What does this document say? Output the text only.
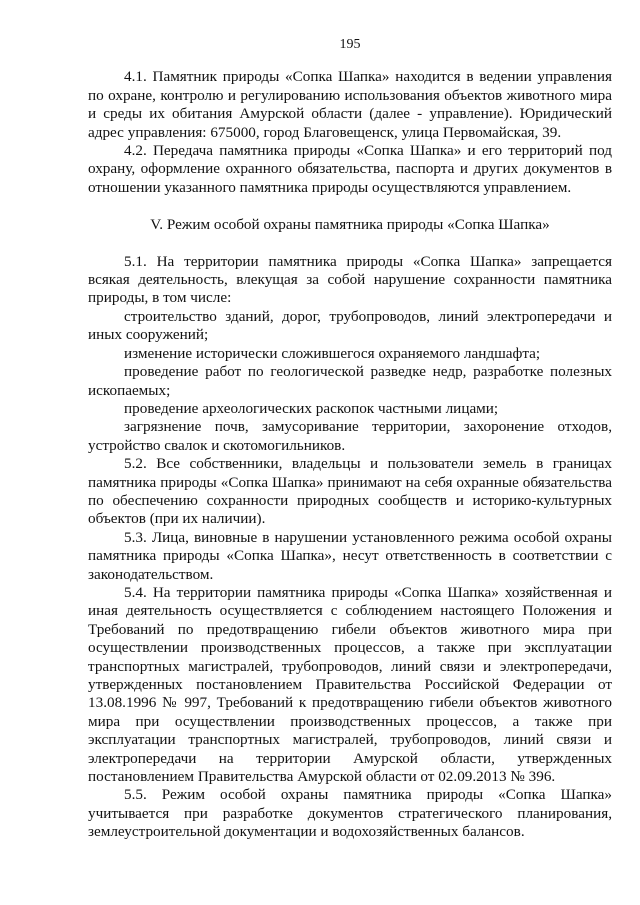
195

4.1. Памятник природы «Сопка Шапка» находится в ведении управления по охране, контролю и регулированию использования объектов животного мира и среды их обитания Амурской области (далее - управление). Юридический адрес управления: 675000, город Благовещенск, улица Первомайская, 39.

4.2. Передача памятника природы «Сопка Шапка» и его территорий под охрану, оформление охранного обязательства, паспорта и других документов в отношении указанного памятника природы осуществляются управлением.

V. Режим особой охраны памятника природы «Сопка Шапка»

5.1. На территории памятника природы «Сопка Шапка» запрещается всякая деятельность, влекущая за собой нарушение сохранности памятника природы, в том числе:

строительство зданий, дорог, трубопроводов, линий электропередачи и иных сооружений;

изменение исторически сложившегося охраняемого ландшафта;

проведение работ по геологической разведке недр, разработке полезных ископаемых;

проведение археологических раскопок частными лицами;

загрязнение почв, замусоривание территории, захоронение отходов, устройство свалок и скотомогильников.

5.2. Все собственники, владельцы и пользователи земель в границах памятника природы «Сопка Шапка» принимают на себя охранные обязательства по обеспечению сохранности природных сообществ и историко-культурных объектов (при их наличии).

5.3. Лица, виновные в нарушении установленного режима особой охраны памятника природы «Сопка Шапка», несут ответственность в соответствии с законодательством.

5.4. На территории памятника природы «Сопка Шапка» хозяйственная и иная деятельность осуществляется с соблюдением настоящего Положения и Требований по предотвращению гибели объектов животного мира при осуществлении производственных процессов, а также при эксплуатации транспортных магистралей, трубопроводов, линий связи и электропередачи, утвержденных постановлением Правительства Российской Федерации от 13.08.1996 № 997, Требований к предотвращению гибели объектов животного мира при осуществлении производственных процессов, а также при эксплуатации транспортных магистралей, трубопроводов, линий связи и электропередачи на территории Амурской области, утвержденных постановлением Правительства Амурской области от 02.09.2013 № 396.

5.5. Режим особой охраны памятника природы «Сопка Шапка» учитывается при разработке документов стратегического планирования, землеустроительной документации и водохозяйственных балансов.
